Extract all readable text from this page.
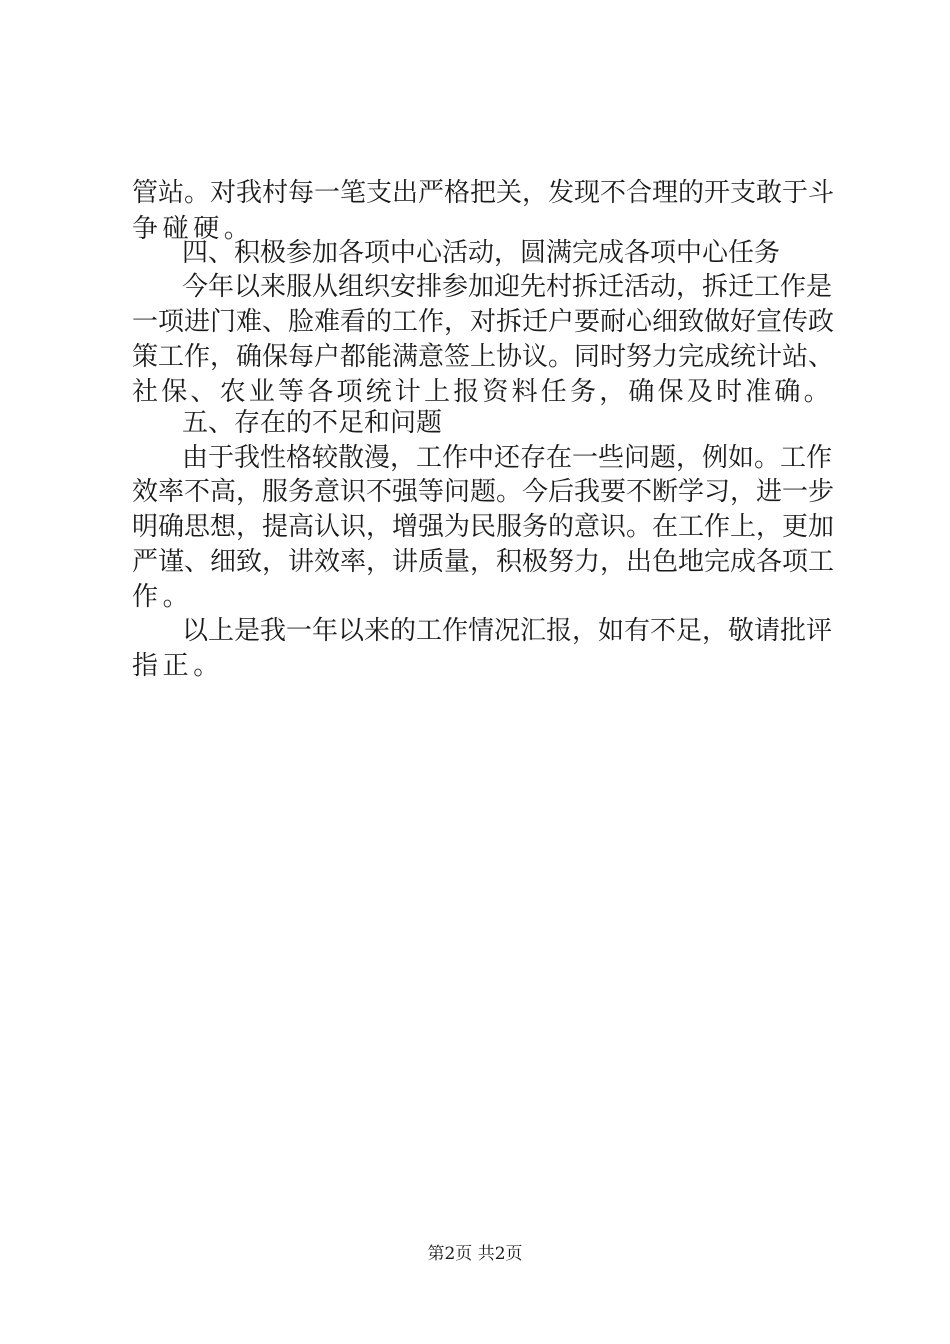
管站。对我村每一笔支出严格把关，发现不合理的开支敢于斗
争碰硬。
四、积极参加各项中心活动，圆满完成各项中心任务
今年以来服从组织安排参加迎先村拆迁活动，拆迁工作是
一项进门难、脸难看的工作，对拆迁户要耐心细致做好宣传政
策工作，确保每户都能满意签上协议。同时努力完成统计站、
社保、农业等各项统计上报资料任务，确保及时准确。
五、存在的不足和问题
由于我性格较散漫，工作中还存在一些问题，例如。工作
效率不高，服务意识不强等问题。今后我要不断学习，进一步
明确思想，提高认识，增强为民服务的意识。在工作上，更加
严谨、细致，讲效率，讲质量，积极努力，出色地完成各项工
作。
以上是我一年以来的工作情况汇报，如有不足，敬请批评
指正。
第2页 共2页
